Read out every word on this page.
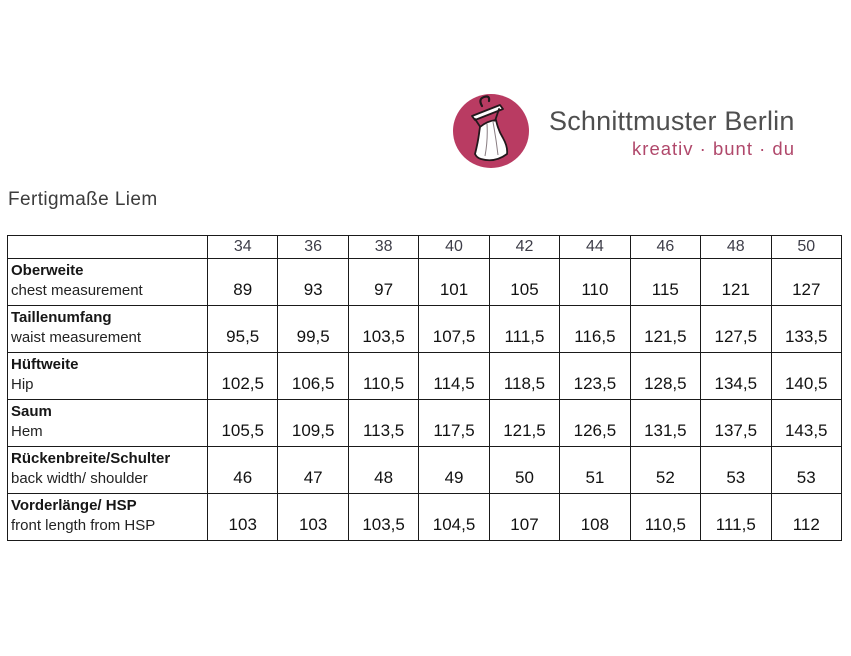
Schnittmuster Berlin
kreativ · bunt · du
Fertigmaße Liem
	34	36	38	40	42	44	46	48	50

Oberweite
chest measurement	89	93	97	101	105	110	115	121	127

Taillenumfang
waist measurement	95,5	99,5	103,5	107,5	111,5	116,5	121,5	127,5	133,5

Hüftweite
Hip	102,5	106,5	110,5	114,5	118,5	123,5	128,5	134,5	140,5

Saum
Hem	105,5	109,5	113,5	117,5	121,5	126,5	131,5	137,5	143,5

Rückenbreite/Schulter
back width/ shoulder	46	47	48	49	50	51	52	53	53

Vorderlänge/ HSP
front length from HSP	103	103	103,5	104,5	107	108	110,5	111,5	112
